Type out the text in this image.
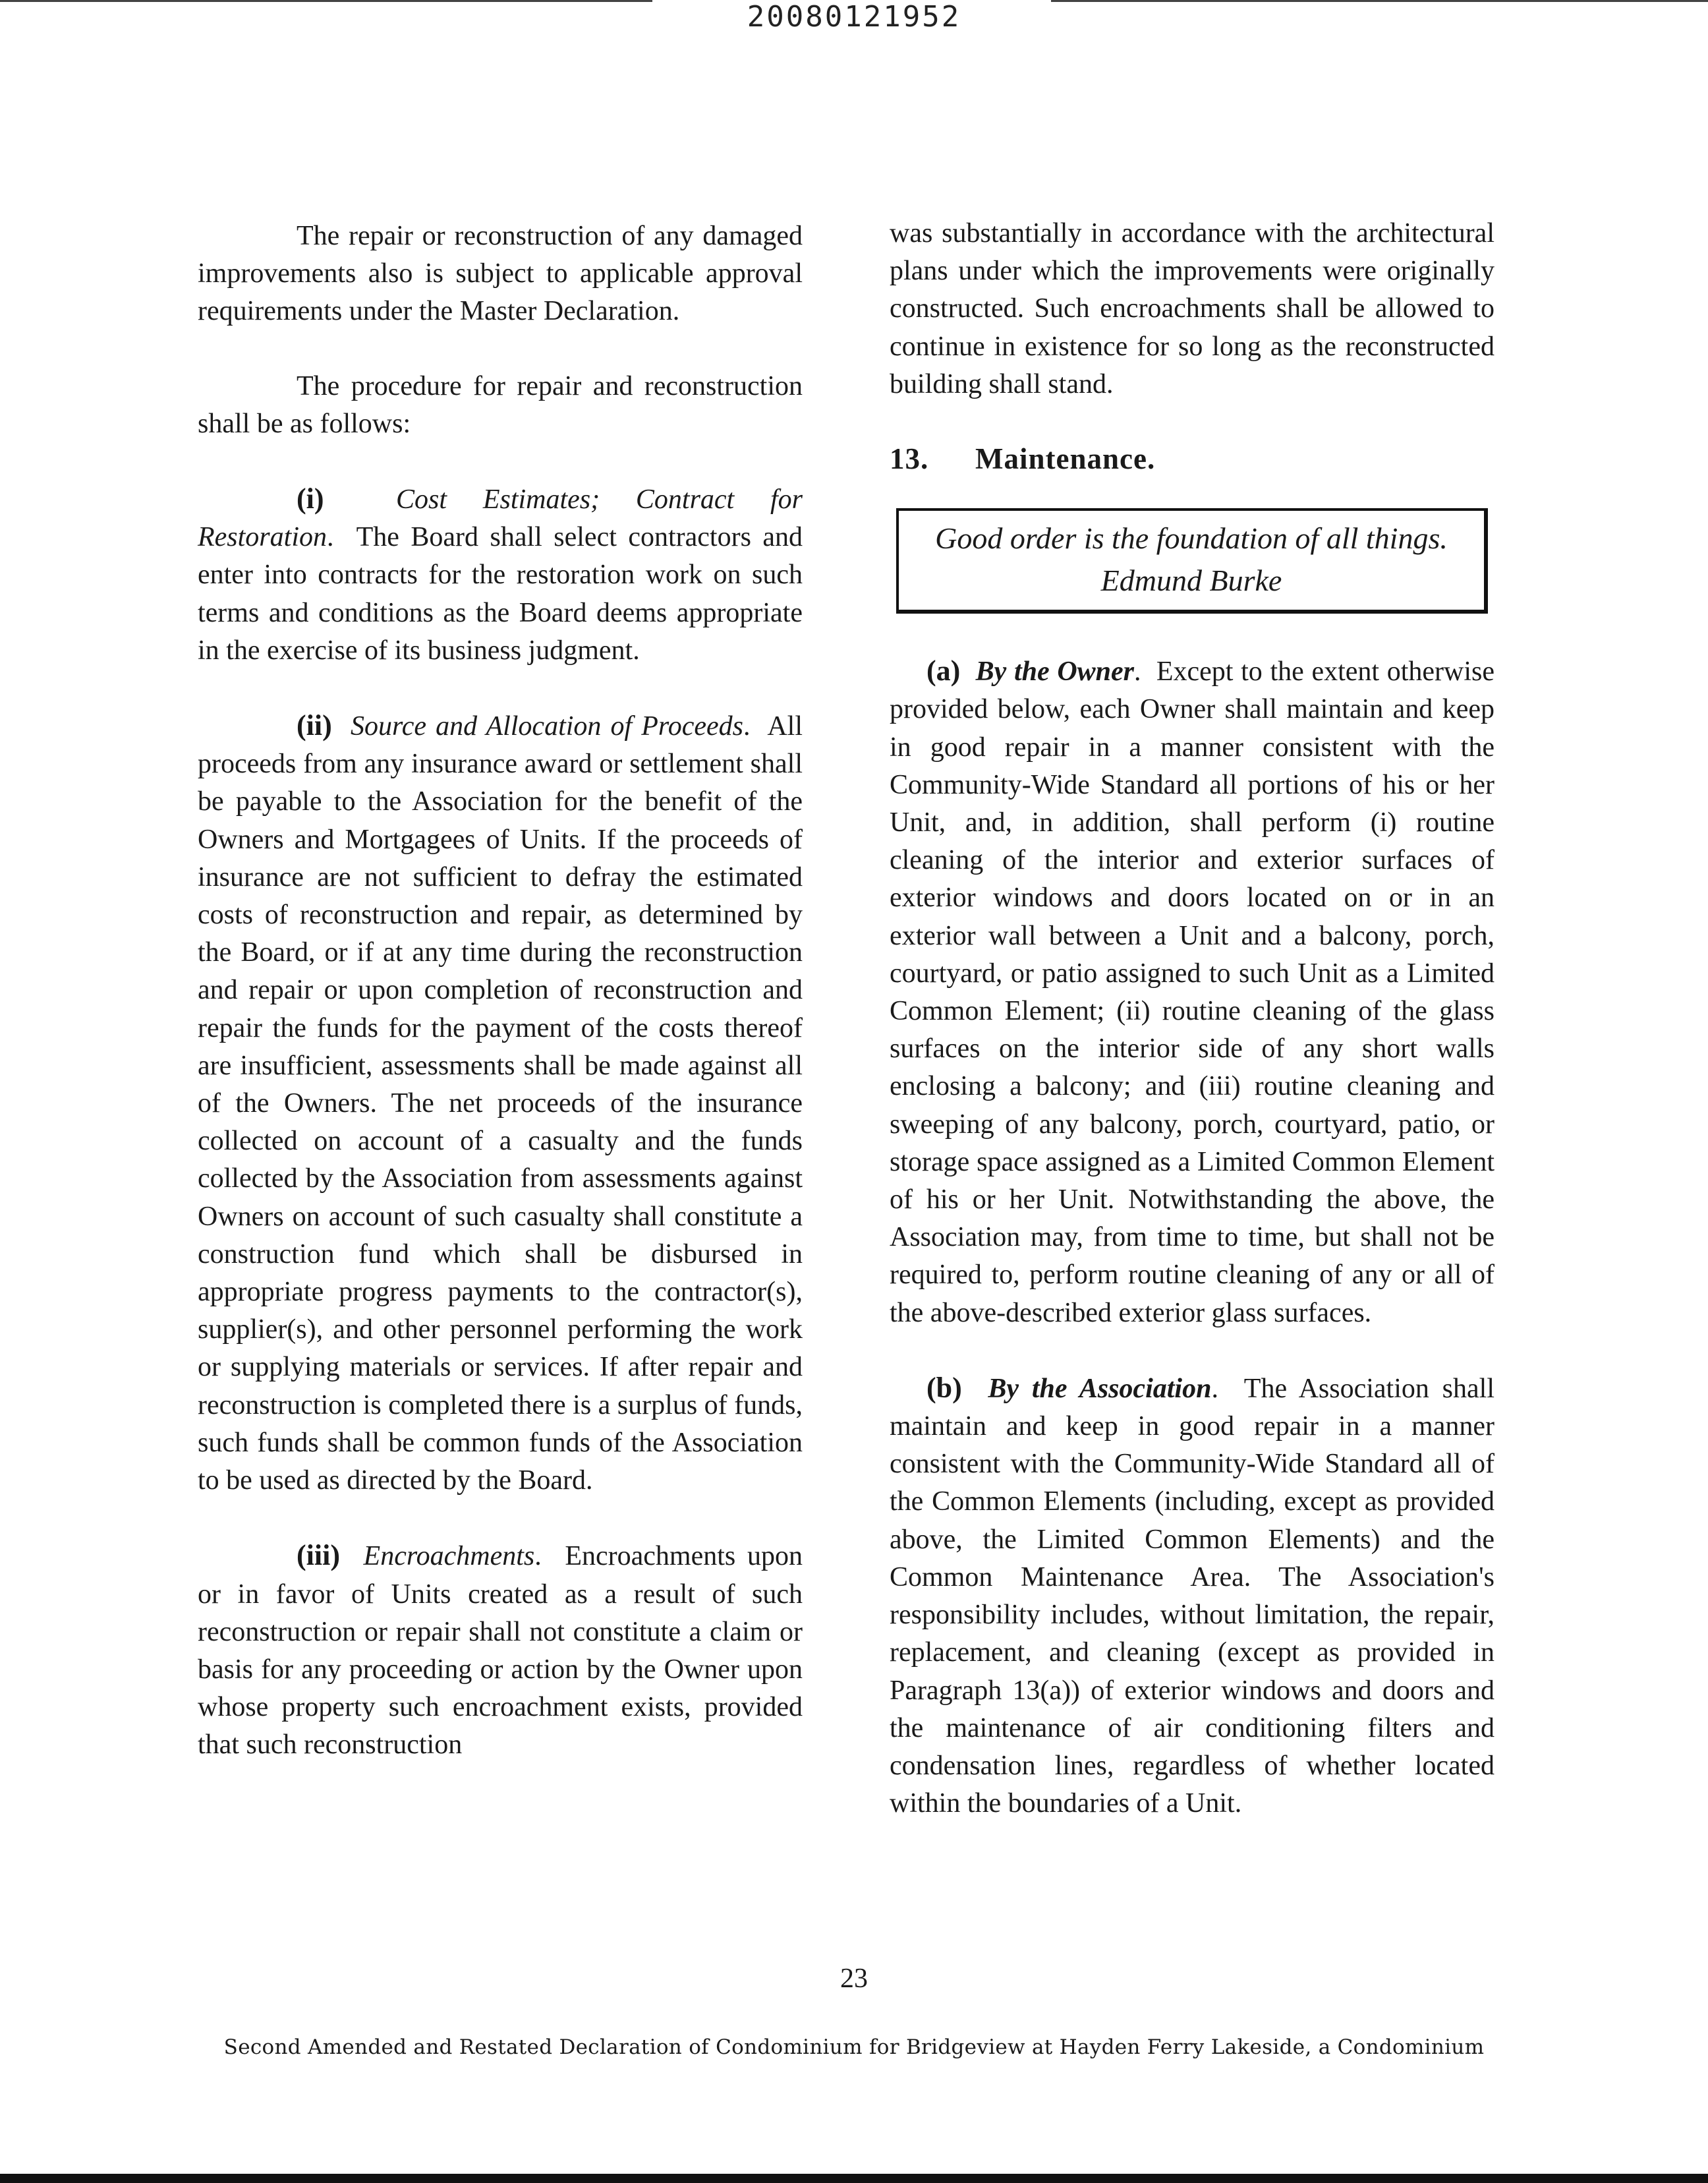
20080121952

The repair or reconstruction of any damaged improvements also is subject to applicable approval requirements under the Master Declaration.

The procedure for repair and reconstruction shall be as follows:

(i)	Cost Estimates; Contract for Restoration.  The Board shall select contractors and enter into contracts for the restoration work on such terms and conditions as the Board deems appropriate in the exercise of its business judgment.

(ii) Source and Allocation of Proceeds.  All proceeds from any insurance award or settlement shall be payable to the Association for the benefit of the Owners and Mortgagees of Units. If the proceeds of insurance are not sufficient to defray the estimated costs of reconstruction and repair, as determined by the Board, or if at any time during the reconstruction and repair or upon completion of reconstruction and repair the funds for the payment of the costs thereof are insufficient, assessments shall be made against all of the Owners. The net proceeds of the insurance collected on account of a casualty and the funds collected by the Association from assessments against Owners on account of such casualty shall constitute a construction fund which shall be disbursed in appropriate progress payments to the contractor(s), supplier(s), and other personnel performing the work or supplying materials or services. If after repair and reconstruction is completed there is a surplus of funds, such funds shall be common funds of the Association to be used as directed by the Board.

(iii) Encroachments.  Encroachments upon or in favor of Units created as a result of such reconstruction or repair shall not constitute a claim or basis for any proceeding or action by the Owner upon whose property such encroachment exists, provided that such reconstruction

was substantially in accordance with the architectural plans under which the improvements were originally constructed. Such encroachments shall be allowed to continue in existence for so long as the reconstructed building shall stand.

13. Maintenance.
Good order is the foundation of all things.
Edmund Burke

(a) By the Owner.  Except to the extent otherwise provided below, each Owner shall maintain and keep in good repair in a manner consistent with the Community-Wide Standard all portions of his or her Unit, and, in addition, shall perform (i) routine cleaning of the interior and exterior surfaces of exterior windows and doors located on or in an exterior wall between a Unit and a balcony, porch, courtyard, or patio assigned to such Unit as a Limited Common Element; (ii) routine cleaning of the glass surfaces on the interior side of any short walls enclosing a balcony; and (iii) routine cleaning and sweeping of any balcony, porch, courtyard, patio, or storage space assigned as a Limited Common Element of his or her Unit. Notwithstanding the above, the Association may, from time to time, but shall not be required to, perform routine cleaning of any or all of the above-described exterior glass surfaces.

(b) By the Association.  The Association shall maintain and keep in good repair in a manner consistent with the Community-Wide Standard all of the Common Elements (including, except as provided above, the Limited Common Elements) and the Common Maintenance Area. The Association's responsibility includes, without limitation, the repair, replacement, and cleaning (except as provided in Paragraph 13(a)) of exterior windows and doors and the maintenance of air conditioning filters and condensation lines, regardless of whether located within the boundaries of a Unit.

23
Second Amended and Restated Declaration of Condominium for Bridgeview at Hayden Ferry Lakeside, a Condominium
